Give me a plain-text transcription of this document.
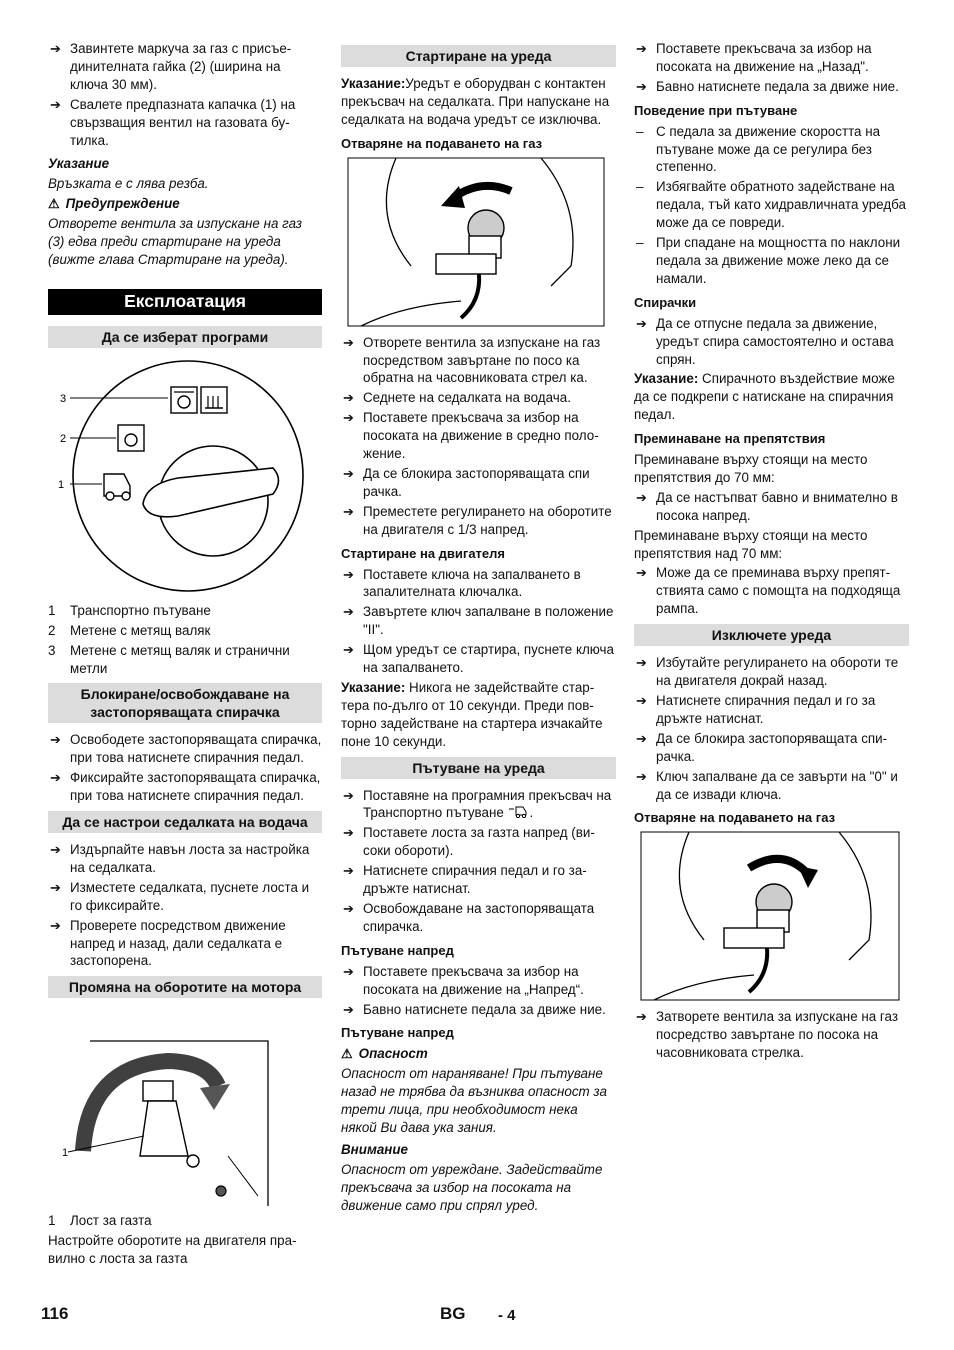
➔ Завинтете маркуча за газ с присъединителната гайка (2) (ширина на ключа 30 мм).
➔ Свалете предпазната капачка (1) на свързващия вентил на газовата бутилка.

Указание

Връзката е с лява резба.

⚠ Предупреждение

Отворете вентила за изпускане на газ (3) едва преди стартиране на уреда (вижте глава Стартиране на уреда).

Експлоатация
Да се изберат програми
3
2
1
1 Транспортно пътуване
2 Метене с метящ валяк
3 Метене с метящ валяк и странични метли
Блокиране/освобождаване на застопоряващата спирачка
➔ Освободете застопоряващата спирачка, при това натиснете спирачния педал.
➔ Фиксирайте застопоряващата спирачка, при това натиснете спирачния педал.
Да се настрои седалката на водача
➔ Издърпайте навън лоста за настройка на седалката.
➔ Изместете седалката, пуснете лоста и го фиксирайте.
➔ Проверете посредством движение напред и назад, дали седалката е застопорена.
Промяна на оборотите на мотора
1
1 Лост за газта

Настройте оборотите на двигателя правилно с лоста за газта

Стартиране на уреда

Указание:Уредът е оборудван с контактен прекъсвач на седалката. При напускане на седалката на водача уредът се изключва.

Отваряне на подаването на газ
➔ Отворете вентила за изпускане на газ посредством завъртане по посо ка обратна на часовниковата стрел ка.
➔ Седнете на седалката на водача.
➔ Поставете прекъсвача за избор на посоката на движение в средно положение.
➔ Да се блокира застопоряващата спи рачка.
➔ Преместете регулирането на оборотите на двигателя с 1/3 напред.
Стартиране на двигателя
➔ Поставете ключа на запалването в запалителната ключалка.
➔ Завъртете ключ запалване в положение "II".
➔ Щом уредът се стартира, пуснете ключа на запалването.

Указание: Никога не задействайте стартера по-дълго от 10 секунди. Преди повторно задействане на стартера изчакайте поне 10 секунди.

Пътуване на уреда
➔ Поставяне на програмния прекъсвач на Транспортно пътуване .
➔ Поставете лоста за газта напред (високи обороти).
➔ Натиснете спирачния педал и го задръжте натиснат.
➔ Освобождаване на застопоряващата спирачка.
Пътуване напред
➔ Поставете прекъсвача за избор на посоката на движение на „Напред“.
➔ Бавно натиснете педала за движе ние.
Пътуване напред

⚠ Опасност

Опасност от нараняване! При пътуване назад не трябва да възниква опасност за трети лица, при необходимост нека някой Ви дава ука зания.

Внимание

Опасност от увреждане. Задействайте прекъсвача за избор на посоката на движение само при спрял уред.

➔ Поставете прекъсвача за избор на посоката на движение на „Назад".
➔ Бавно натиснете педала за движе ние.
Поведение при пътуване
– С педала за движение скоростта на пътуване може да се регулира без степенно.
– Избягвайте обратното задействане на педала, тъй като хидравличната уредба може да се повреди.
– При спадане на мощността по наклони педала за движение може леко да се намали.
Спирачки
➔ Да се отпусне педала за движение, уредът спира самостоятелно и остава спрян.

Указание: Спирачното въздействие може да се подкрепи с натискане на спирачния педал.

Преминаване на препятствия

Преминаване върху стоящи на место препятствия до 70 мм:

➔ Да се настъпват бавно и внимателно в посока напред.

Преминаване върху стоящи на место препятствия над 70 мм:

➔ Може да се преминава върху препятствията само с помощта на подходяща рампа.
Изключете уреда
➔ Избутайте регулирането на обороти те на двигателя докрай назад.
➔ Натиснете спирачния педал и го за дръжте натиснат.
➔ Да се блокира застопоряващата спирачка.
➔ Ключ запалване да се завърти на "0" и да се извади ключа.
Отваряне на подаването на газ
➔ Затворете вентила за изпускане на газ посредство завъртане по посока на часовниковата стрелка.
116	BG - 4
